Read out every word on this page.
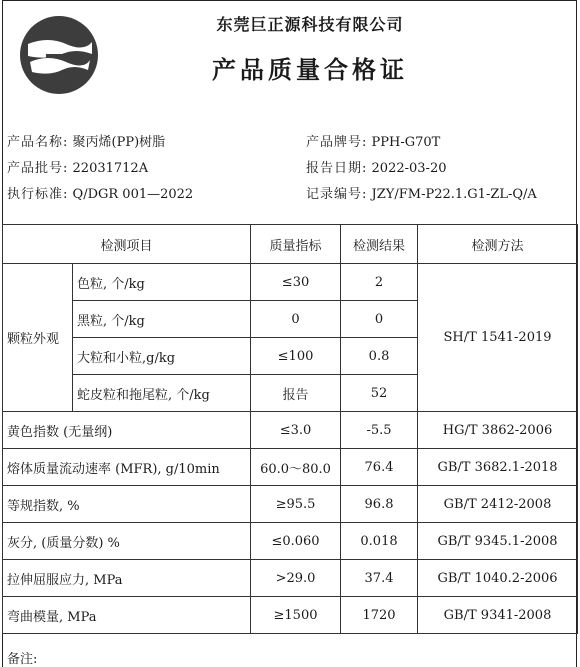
东莞巨正源科技有限公司
产品质量合格证
产品名称: 聚丙烯(PP)树脂	产品牌号: PPH-G70T
产品批号: 22031712A	报告日期: 2022-03-20
执行标准: Q/DGR 001—2022	记录编号: JZY/FM-P22.1.G1-ZL-Q/A
检测项目		质量指标	检测结果	检测方法
颗粒外观	色粒, 个/kg	≤30	2	SH/T 1541-2019
	黑粒, 个/kg	0	0	
	大粒和小粒,g/kg	≤100	0.8	
	蛇皮粒和拖尾粒, 个/kg	报告	52	
黄色指数 (无量纲)		≤3.0	-5.5	HG/T 3862-2006
熔体质量流动速率 (MFR), g/10min		60.0～80.0	76.4	GB/T 3682.1-2018
等规指数, %		≥95.5	96.8	GB/T 2412-2008
灰分, (质量分数) %		≤0.060	0.018	GB/T 9345.1-2008
拉伸屈服应力, MPa		>29.0	37.4	GB/T 1040.2-2006
弯曲模量, MPa		≥1500	1720	GB/T 9341-2008
备注:
